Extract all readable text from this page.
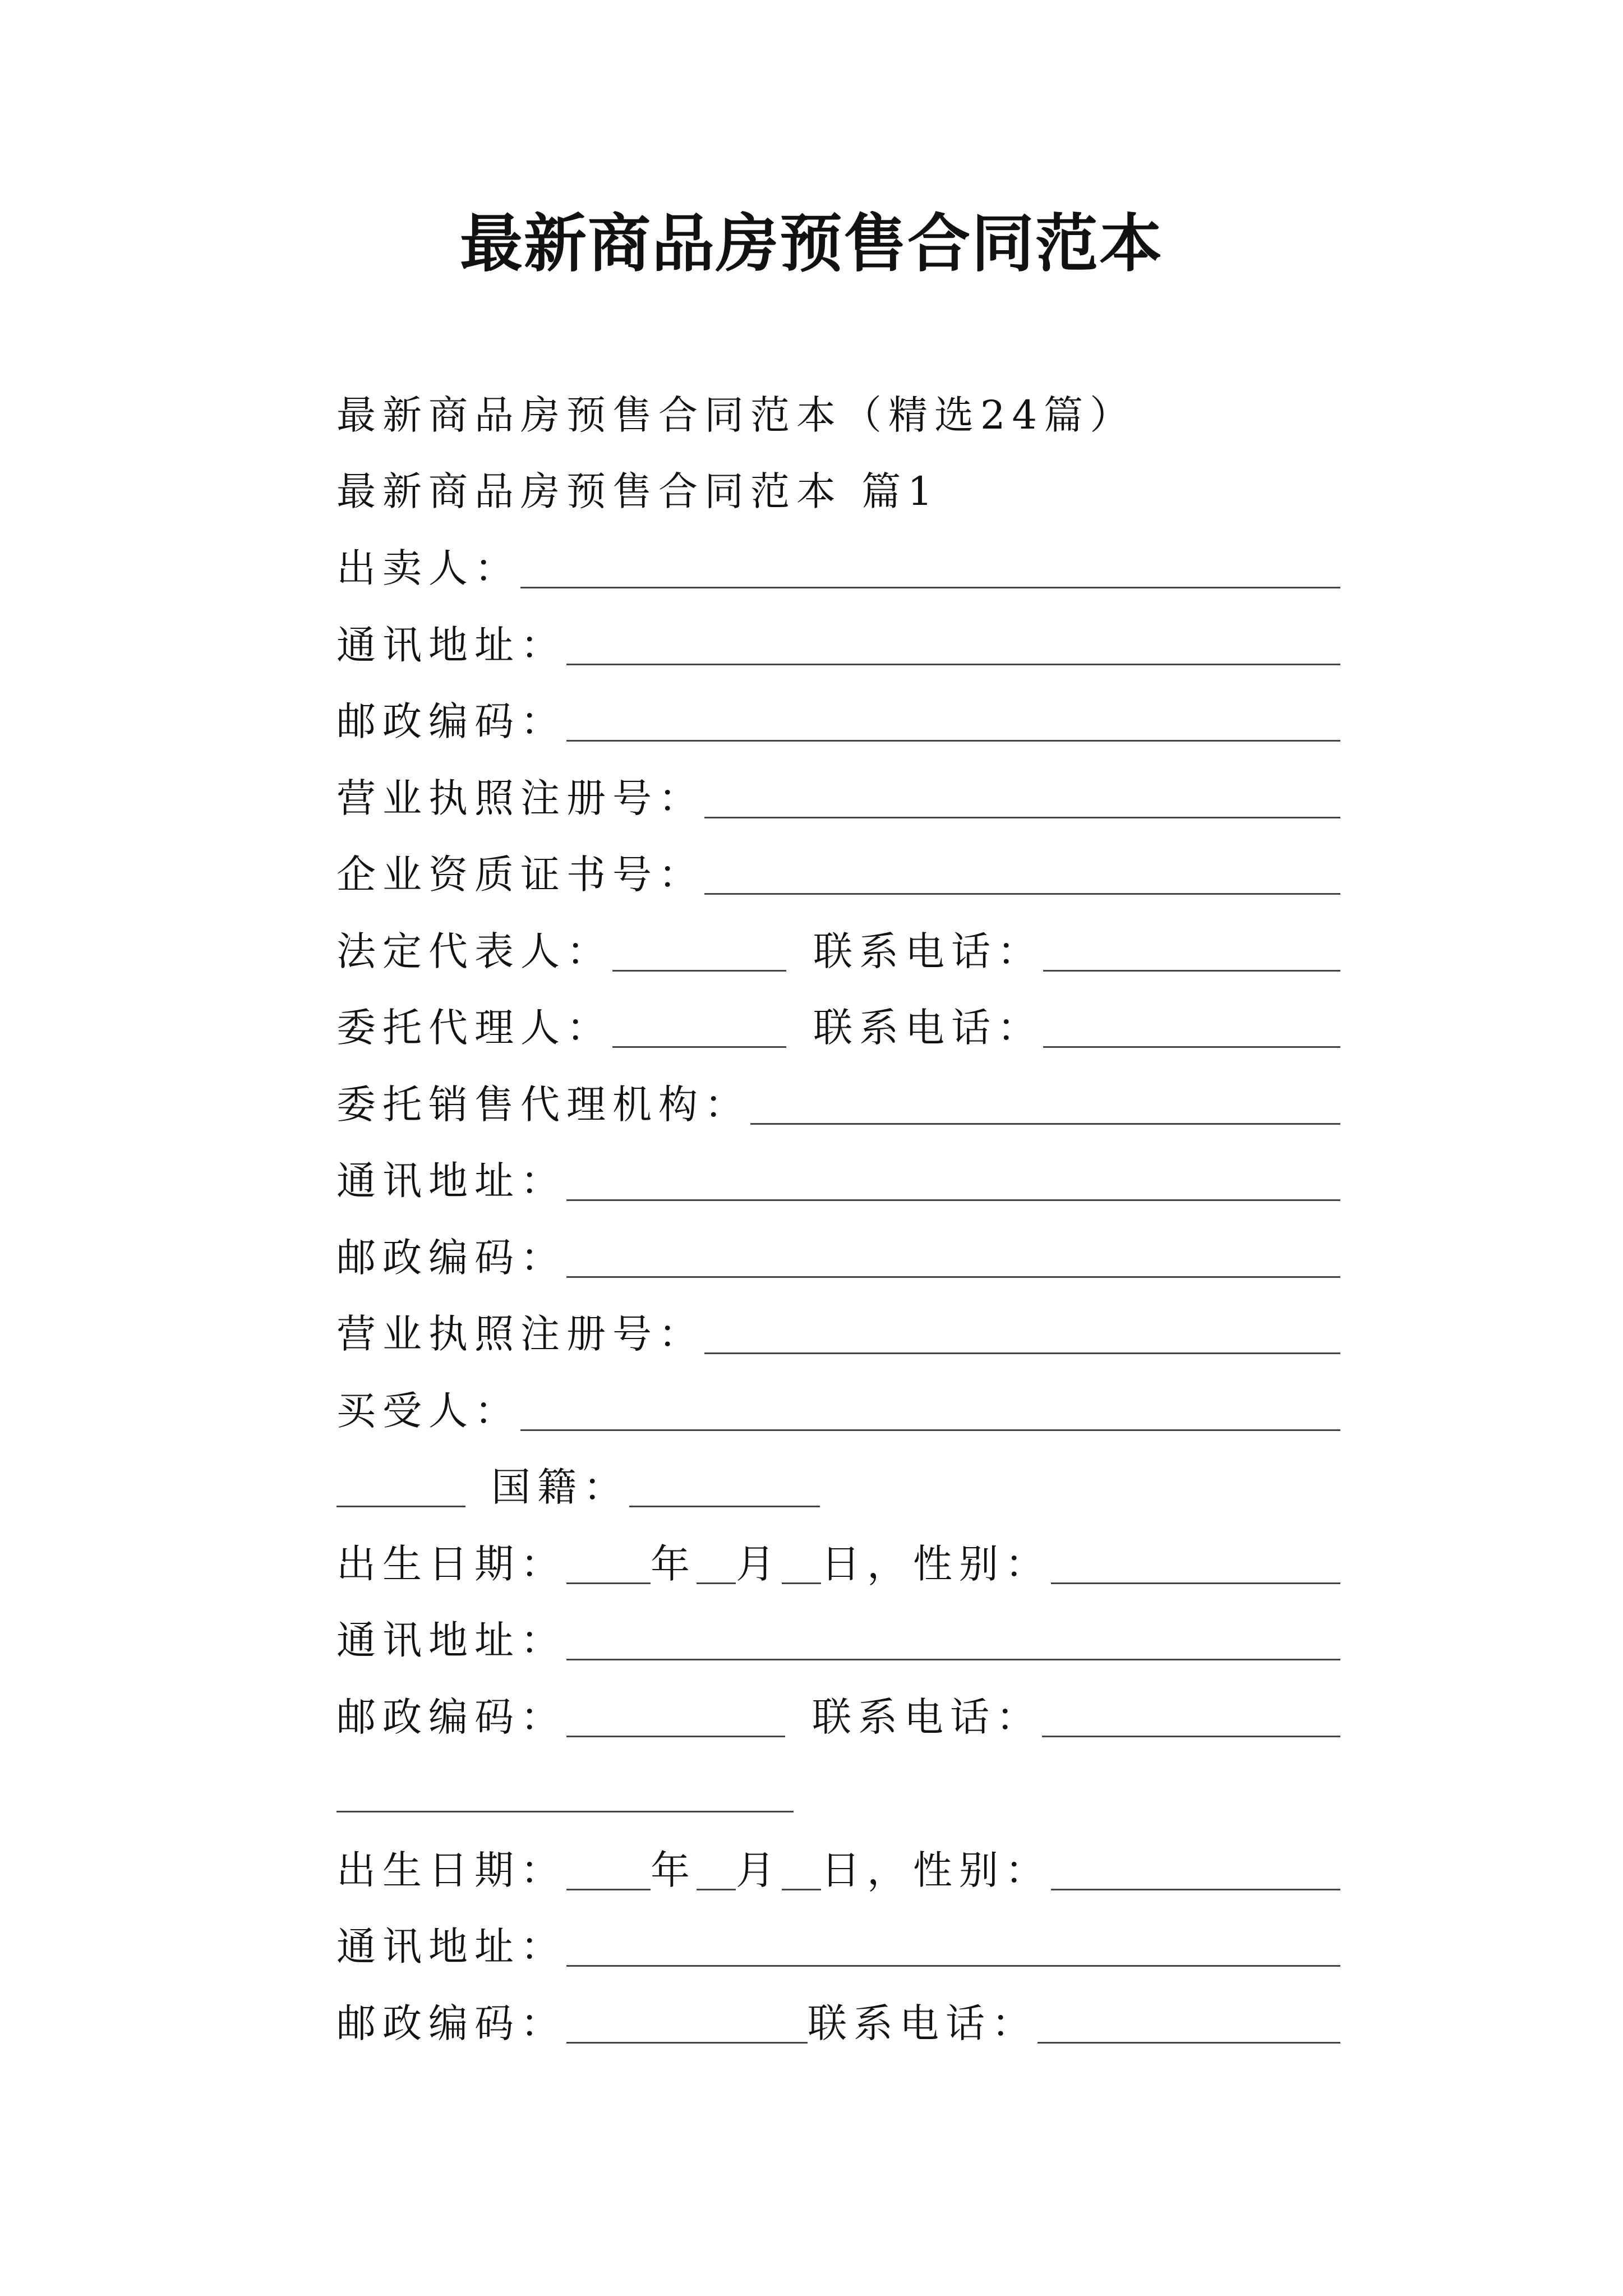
最新商品房预售合同范本
最新商品房预售合同范本（精选24篇）
最新商品房预售合同范本 篇1
出卖人：
通讯地址：
邮政编码：
营业执照注册号：
企业资质证书号：
法定代表人：	联系电话：
委托代理人：	联系电话：
委托销售代理机构：
通讯地址：
邮政编码：
营业执照注册号：
买受人：
国籍：
出生日期： 年 月 日，性别：
通讯地址：
邮政编码：	联系电话：
出生日期： 年 月 日，性别：
通讯地址：
邮政编码：	联系电话：
